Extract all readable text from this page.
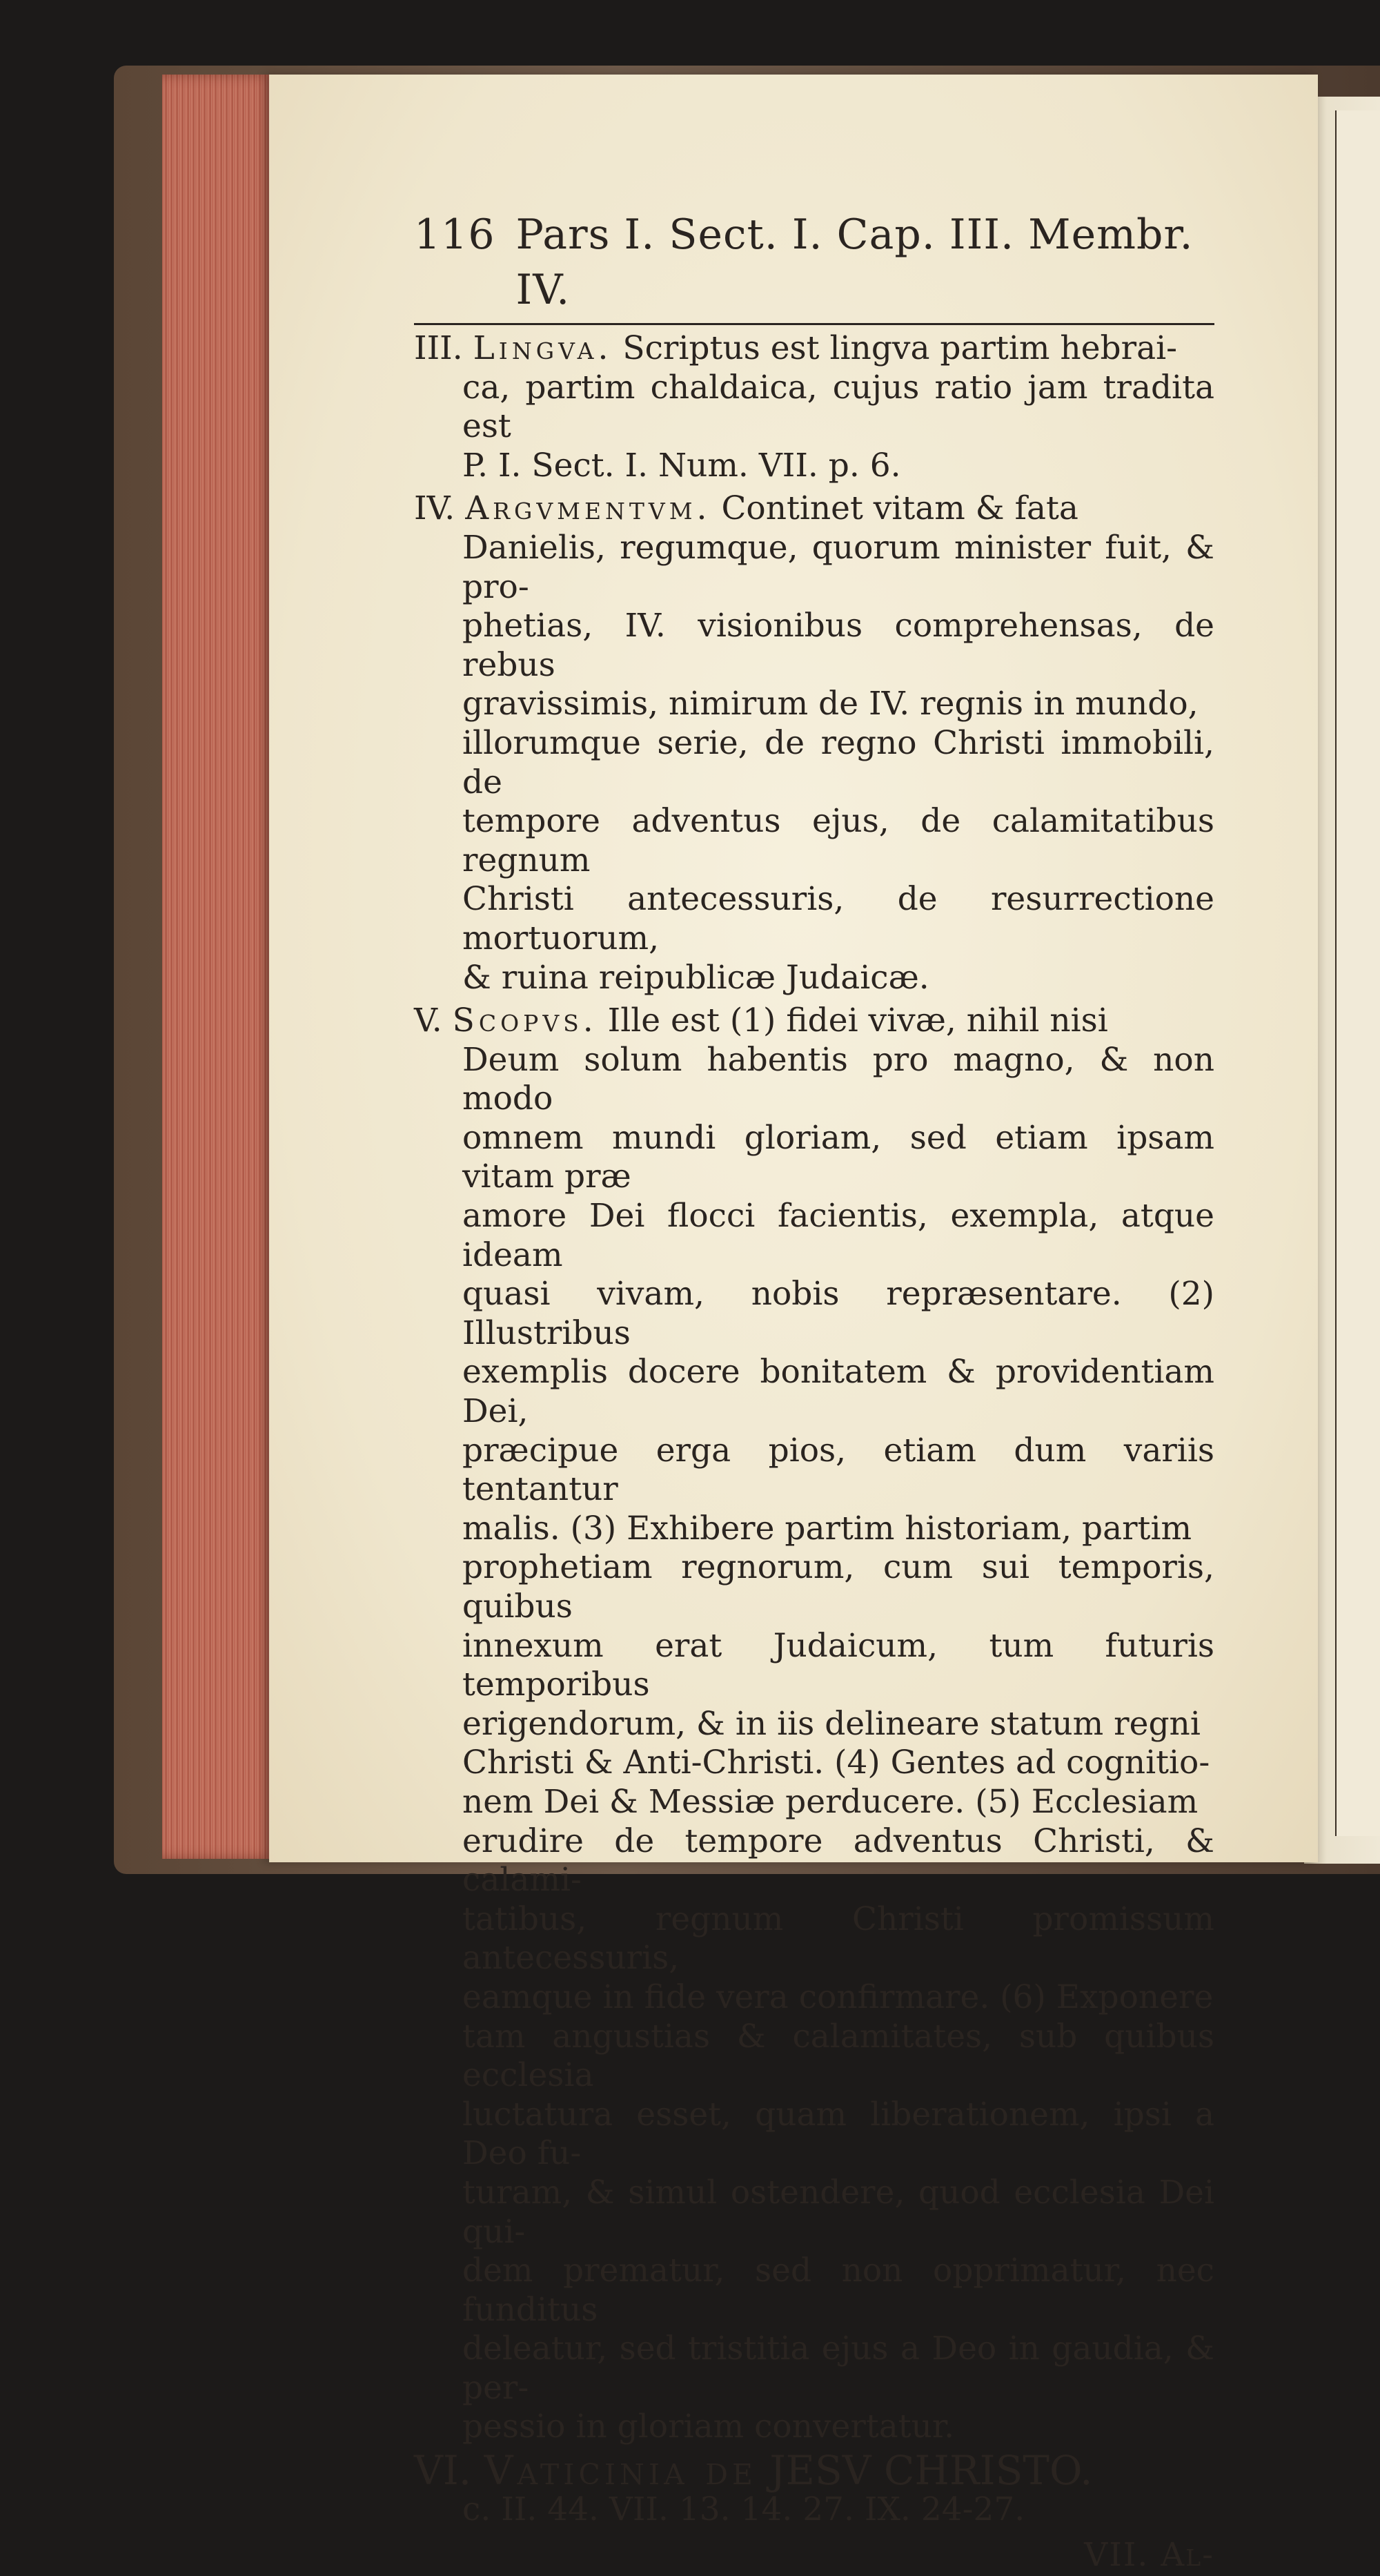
116 Pars I. Sect. I. Cap. III. Membr. IV.
III. Lingva. Scriptus est lingva partim hebrai-
ca, partim chaldaica, cujus ratio jam tradita est
P. I. Sect. I. Num. VII. p. 6.
IV. Argvmentvm. Continet vitam & fata
Danielis, regumque, quorum minister fuit, & pro-
phetias, IV. visionibus comprehensas, de rebus
gravissimis, nimirum de IV. regnis in mundo,
illorumque serie, de regno Christi immobili, de
tempore adventus ejus, de calamitatibus regnum
Christi antecessuris, de resurrectione mortuorum,
& ruina reipublicæ Judaicæ.
V. Scopvs. Ille est (1) fidei vivæ, nihil nisi
Deum solum habentis pro magno, & non modo
omnem mundi gloriam, sed etiam ipsam vitam præ
amore Dei flocci facientis, exempla, atque ideam
quasi vivam, nobis repræsentare. (2) Illustribus
exemplis docere bonitatem & providentiam Dei,
præcipue erga pios, etiam dum variis tentantur
malis. (3) Exhibere partim historiam, partim
prophetiam regnorum, cum sui temporis, quibus
innexum erat Judaicum, tum futuris temporibus
erigendorum, & in iis delineare statum regni
Christi & Anti-Christi. (4) Gentes ad cognitio-
nem Dei & Messiæ perducere. (5) Ecclesiam
erudire de tempore adventus Christi, & calami-
tatibus, regnum Christi promissum antecessuris,
eamque in fide vera confirmare. (6) Exponere
tam angustias & calamitates, sub quibus ecclesia
luctatura esset, quam liberationem, ipsi a Deo fu-
turam, & simul ostendere, quod ecclesia Dei qui-
dem prematur, sed non opprimatur, nec funditus
deleatur, sed tristitia ejus a Deo in gaudia, & per-
pessio in gloriam convertatur.
VI. Vaticinia de JESV CHRISTO.
c. II. 44. VII. 13. 14. 27. IX. 24-27.
VII. Al-
